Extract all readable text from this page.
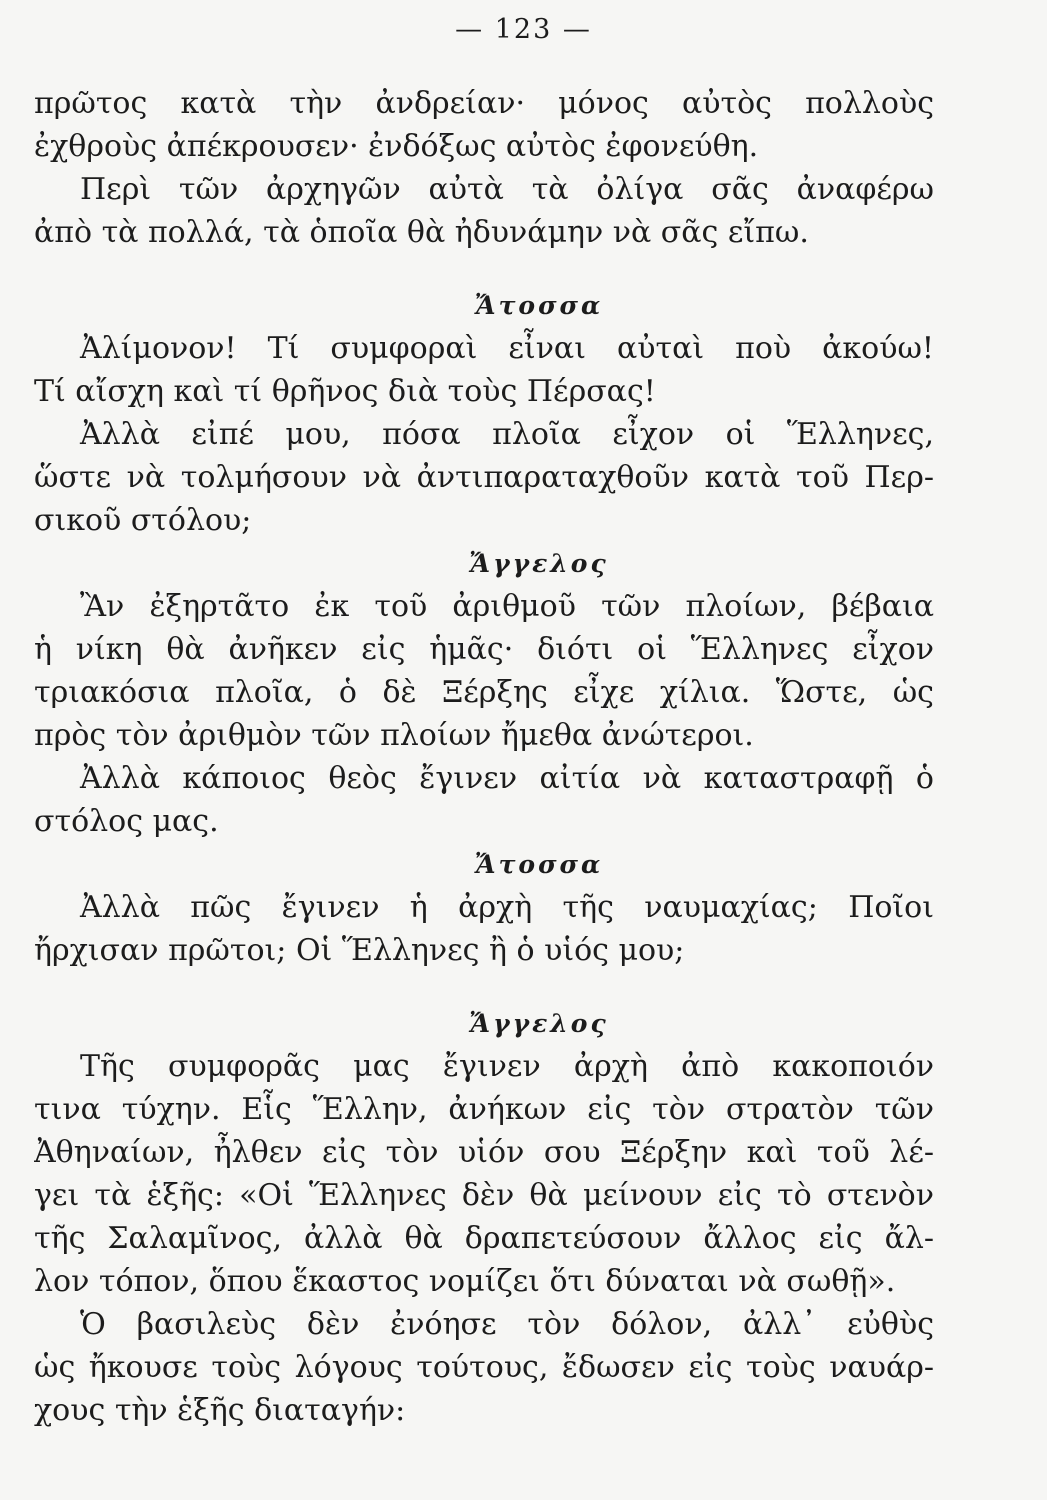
— 123 —
πρῶτος κατὰ τὴν ἀνδρείαν· μόνος αὐτὸς πολλοὺς
ἐχθροὺς ἀπέκρουσεν· ἐνδόξως αὐτὸς ἐφονεύθη.
Περὶ τῶν ἀρχηγῶν αὐτὰ τὰ ὀλίγα σᾶς ἀναφέρω
ἀπὸ τὰ πολλά, τὰ ὁποῖα θὰ ἠδυνάμην νὰ σᾶς εἴπω.
Ἄτοσσα
Ἀλίμονον! Τί συμφοραὶ εἶναι αὐταὶ ποὺ ἀκούω!
Τί αἴσχη καὶ τί θρῆνος διὰ τοὺς Πέρσας!
Ἀλλὰ εἰπέ μου, πόσα πλοῖα εἶχον οἱ Ἕλληνες,
ὥστε νὰ τολμήσουν νὰ ἀντιπαραταχθοῦν κατὰ τοῦ Περ-
σικοῦ στόλου;
Ἄγγελος
Ἂν ἐξηρτᾶτο ἐκ τοῦ ἀριθμοῦ τῶν πλοίων, βέβαια
ἡ νίκη θὰ ἀνῆκεν εἰς ἡμᾶς· διότι οἱ Ἕλληνες εἶχον
τριακόσια πλοῖα, ὁ δὲ Ξέρξης εἶχε χίλια. Ὥστε, ὡς
πρὸς τὸν ἀριθμὸν τῶν πλοίων ἤμεθα ἀνώτεροι.
Ἀλλὰ κάποιος θεὸς ἔγινεν αἰτία νὰ καταστραφῇ ὁ
στόλος μας.
Ἄτοσσα
Ἀλλὰ πῶς ἔγινεν ἡ ἀρχὴ τῆς ναυμαχίας; Ποῖοι
ἤρχισαν πρῶτοι; Οἱ Ἕλληνες ἢ ὁ υἱός μου;
Ἄγγελος
Τῆς συμφορᾶς μας ἔγινεν ἀρχὴ ἀπὸ κακοποιόν
τινα τύχην. Εἷς Ἕλλην, ἀνήκων εἰς τὸν στρατὸν τῶν
Ἀθηναίων, ἦλθεν εἰς τὸν υἱόν σου Ξέρξην καὶ τοῦ λέ-
γει τὰ ἑξῆς: «Οἱ Ἕλληνες δὲν θὰ μείνουν εἰς τὸ στενὸν
τῆς Σαλαμῖνος, ἀλλὰ θὰ δραπετεύσουν ἄλλος εἰς ἄλ-
λον τόπον, ὅπου ἕκαστος νομίζει ὅτι δύναται νὰ σωθῇ».
Ὁ βασιλεὺς δὲν ἐνόησε τὸν δόλον, ἀλλ᾽ εὐθὺς
ὡς ἤκουσε τοὺς λόγους τούτους, ἔδωσεν εἰς τοὺς ναυάρ-
χους τὴν ἑξῆς διαταγήν:
